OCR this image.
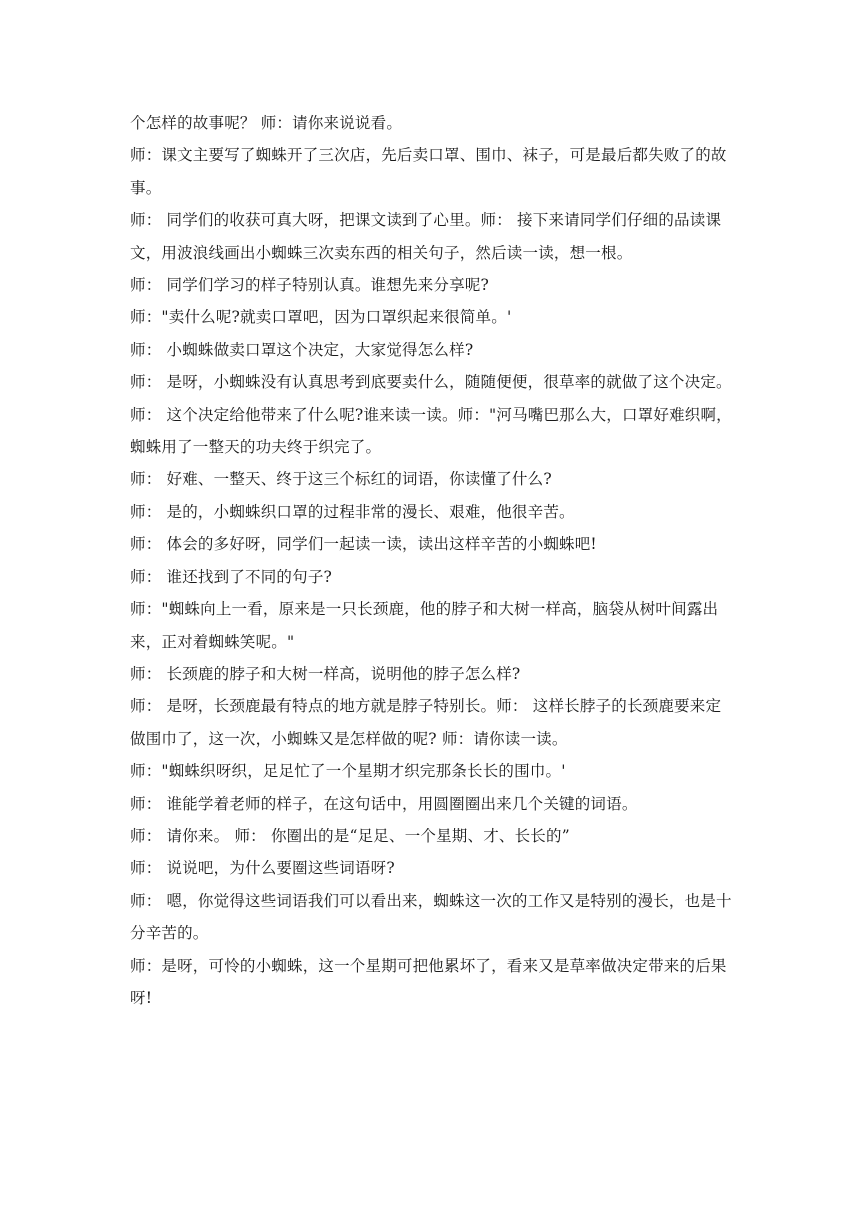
个怎样的故事呢？ 师：请你来说说看。

师：课文主要写了蜘蛛开了三次店，先后卖口罩、围巾、袜子，可是最后都失败了的故事。

师： 同学们的收获可真大呀，把课文读到了心里。师： 接下来请同学们仔细的品读课文，用波浪线画出小蜘蛛三次卖东西的相关句子，然后读一读，想一根。

师： 同学们学习的样子特别认真。谁想先来分享呢?

师："卖什么呢?就卖口罩吧，因为口罩织起来很简单。'

师： 小蜘蛛做卖口罩这个决定，大家觉得怎么样?

师： 是呀，小蜘蛛没有认真思考到底要卖什么，随随便便，很草率的就做了这个决定。

师： 这个决定给他带来了什么呢?谁来读一读。师："河马嘴巴那么大，口罩好难织啊，蜘蛛用了一整天的功夫终于织完了。

师： 好难、一整天、终于这三个标红的词语，你读懂了什么?

师： 是的，小蜘蛛织口罩的过程非常的漫长、艰难，他很辛苦。

师： 体会的多好呀，同学们一起读一读，读出这样辛苦的小蜘蛛吧!

师： 谁还找到了不同的句子?

师："蜘蛛向上一看，原来是一只长颈鹿，他的脖子和大树一样高，脑袋从树叶间露出来，正对着蜘蛛笑呢。"

师： 长颈鹿的脖子和大树一样高，说明他的脖子怎么样?

师： 是呀，长颈鹿最有特点的地方就是脖子特别长。师： 这样长脖子的长颈鹿要来定做围巾了，这一次，小蜘蛛又是怎样做的呢? 师：请你读一读。

师："蜘蛛织呀织，足足忙了一个星期才织完那条长长的围巾。'

师： 谁能学着老师的样子，在这句话中，用圆圈圈出来几个关键的词语。

师： 请你来。 师： 你圈出的是“足足、一个星期、才、长长的”

师： 说说吧，为什么要圈这些词语呀?

师： 嗯，你觉得这些词语我们可以看出来，蜘蛛这一次的工作又是特别的漫长，也是十分辛苦的。

师：是呀，可怜的小蜘蛛，这一个星期可把他累坏了，看来又是草率做决定带来的后果呀!
